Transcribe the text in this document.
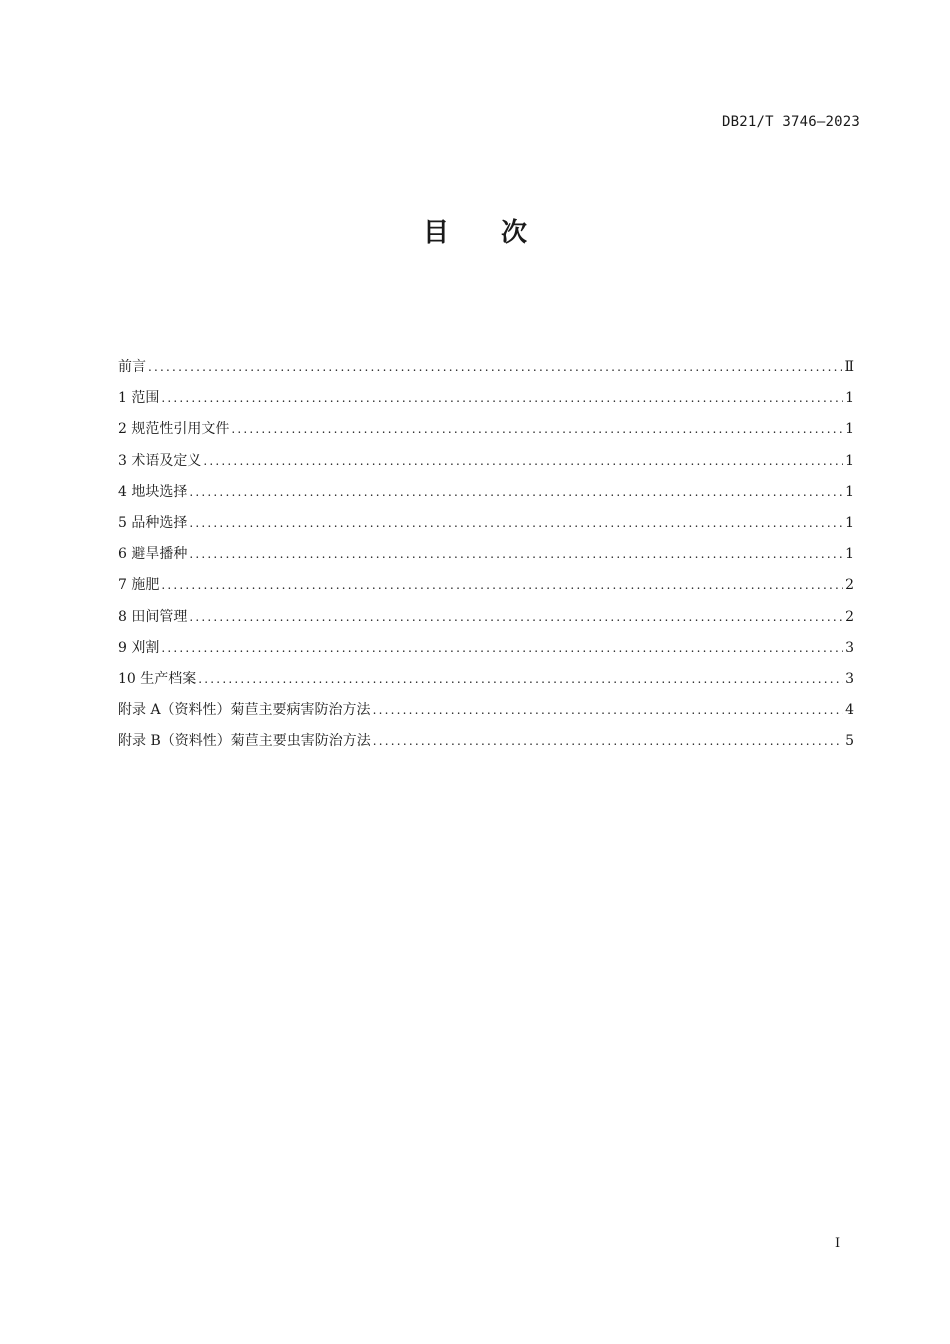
DB21/T 3746—2023
目 次
前言 .....	Ⅱ
1 范围 .....	1
2 规范性引用文件 .....	1
3 术语及定义 .....	1
4 地块选择 .....	1
5 品种选择 .....	1
6 避旱播种 .....	1
7 施肥 .....	2
8 田间管理 .....	2
9 刈割 .....	3
10 生产档案 .....	3
附录 A（资料性）菊苣主要病害防治方法 .....	4
附录 B（资料性）菊苣主要虫害防治方法 .....	5
I
